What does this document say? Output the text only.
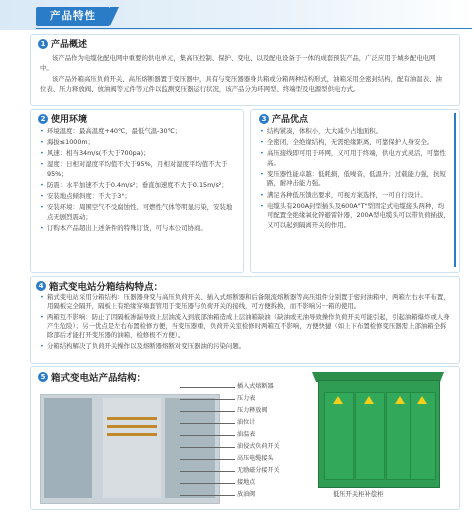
产品特性
1 产品概述
该产品作为电缆化配电网中重要的供电单元，集高压控制、保护、变电、以及配电设备于一体的成套预装产品，广泛应用于城乡配电电网中。
该产品外箱高压负荷开关、高压熔断器置于变压器中，具有与变压器器身共箱或分箱两种结构形式，油箱采用全密封结构，配有油温表、油位表、压力释放阀、放油阀等元件等元件以监测变压器运行状况，该产品分为环网型、终端型及电源型供电方式。
2 使用环境
• 环境温度：最高温度+40℃，最低气温-30℃；
• 海拔≤1000m；
• 风速：相当34m/s(不大于700pa)；
• 湿度：日相对湿度平均值不大于95%，月相对湿度平均值不大于95%；
• 防震：水平加速不大于0.4m/s²；垂直加速度不大于0.15m/s²；
• 安装地点倾斜度：不大于3°；
• 安装环境：周围空气不受腐蚀性、可燃性气体等明显污染，安装地点无剧烈震动；
• 订购本产品超出上述条件的特殊订货，可与本公司协商。
3 产品优点
• 结构紧凑，体积小，大大减少占地面积。
• 全密闭，全绝缘结构，无需绝缘距离，可靠保护人身安全。
• 高压接线即可用于环网，又可用于终端，供电方式灵活，可靠性高。
• 变压器性能卓越：低耗损，低噪音，低温升；过载能力强，抗短路，耐冲击能力强。
• 满足各种低压馈出要求，可视方案选择，一可自行设计。
• 电缆头有200A封型插头及600A"T"型固定式电缆接头两种，均可配置全绝缘氧化锌避雷针器，200A型电缆头可以带负荷插拔，又可以起到隔离开关的作用。
4 箱式变电站分箱结构特点：
• 箱式变电站采用分箱结构：压器器身变与高压负荷开关、插入式熔断器和后备限流熔断器等高压组件分别置于密封油箱中，两箱左右水平布置，用隔板完全隔开，隔板上有绝缘穿墙套管用于变压器与负荷开关的接线，可方便拆换，而不影响另一箱的使用。
• 两箱互不影响：防止了因隔板渗漏导致上层油流入到底部油箱造成上层油箱缺油（缺油或无油导致操作负荷开关可能引起，引起油箱爆炸或人身产生危险）；另一优点是左右布置检修方便，当变压器重，负荷开关室检修时两箱互不影响，方便快捷（如上下布置检修变压器需上部油箱全拆除部后才能打开变压器的油箱，检修极不方便）。
• 分箱结构解决了负荷开关操作以及熔断器熔断对变压器油的污染问题。
5 箱式变电站产品结构：
插入式熔断器
压力表
压力释放阀
油位计
油温表
油侵式负荷开关
高压电缆接头
无励磁分接开关
接地点
放油阀	低压开关柜补偿柜
